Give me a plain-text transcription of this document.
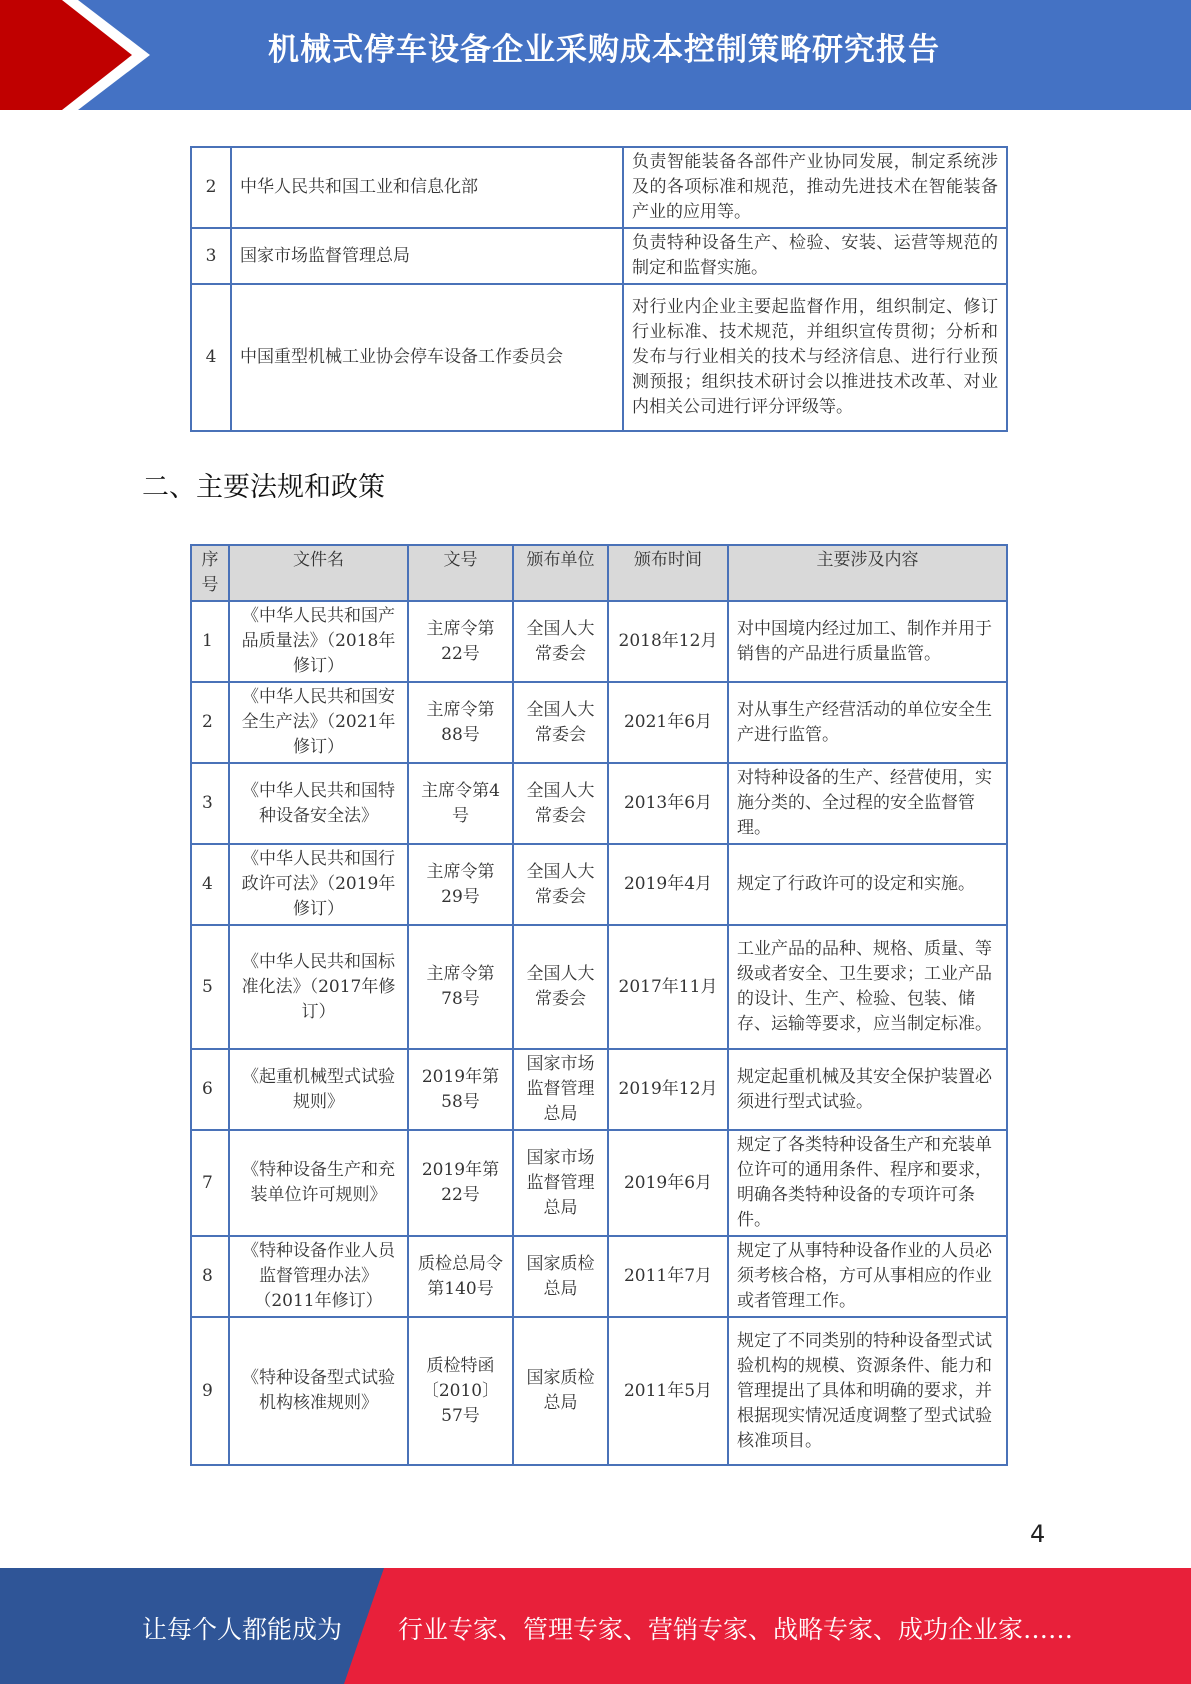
机械式停车设备企业采购成本控制策略研究报告
2	中华人民共和国工业和信息化部	负责智能装备各部件产业协同发展，制定系统涉及的各项标准和规范，推动先进技术在智能装备产业的应用等。
3	国家市场监督管理总局	负责特种设备生产、检验、安装、运营等规范的制定和监督实施。
4	中国重型机械工业协会停车设备工作委员会	对行业内企业主要起监督作用，组织制定、修订行业标准、技术规范，并组织宣传贯彻；分析和发布与行业相关的技术与经济信息、进行行业预测预报；组织技术研讨会以推进技术改革、对业内相关公司进行评分评级等。
二、主要法规和政策
序号	文件名	文号	颁布单位	颁布时间	主要涉及内容
1	《中华人民共和国产品质量法》（2018年修订）	主席令第22号	全国人大常委会	2018年12月	对中国境内经过加工、制作并用于销售的产品进行质量监管。
2	《中华人民共和国安全生产法》（2021年修订）	主席令第88号	全国人大常委会	2021年6月	对从事生产经营活动的单位安全生产进行监管。
3	《中华人民共和国特种设备安全法》	主席令第4号	全国人大常委会	2013年6月	对特种设备的生产、经营使用，实施分类的、全过程的安全监督管理。
4	《中华人民共和国行政许可法》（2019年修订）	主席令第29号	全国人大常委会	2019年4月	规定了行政许可的设定和实施。
5	《中华人民共和国标准化法》（2017年修订）	主席令第78号	全国人大常委会	2017年11月	工业产品的品种、规格、质量、等级或者安全、卫生要求；工业产品的设计、生产、检验、包装、储存、运输等要求，应当制定标准。
6	《起重机械型式试验规则》	2019年第58号	国家市场监督管理总局	2019年12月	规定起重机械及其安全保护装置必须进行型式试验。
7	《特种设备生产和充装单位许可规则》	2019年第22号	国家市场监督管理总局	2019年6月	规定了各类特种设备生产和充装单位许可的通用条件、程序和要求，明确各类特种设备的专项许可条件。
8	《特种设备作业人员监督管理办法》（2011年修订）	质检总局令第140号	国家质检总局	2011年7月	规定了从事特种设备作业的人员必须考核合格，方可从事相应的作业或者管理工作。
9	《特种设备型式试验机构核准规则》	质检特函〔2010〕57号	国家质检总局	2011年5月	规定了不同类别的特种设备型式试验机构的规模、资源条件、能力和管理提出了具体和明确的要求，并根据现实情况适度调整了型式试验核准项目。
4
让每个人都能成为 行业专家、管理专家、营销专家、战略专家、成功企业家……
